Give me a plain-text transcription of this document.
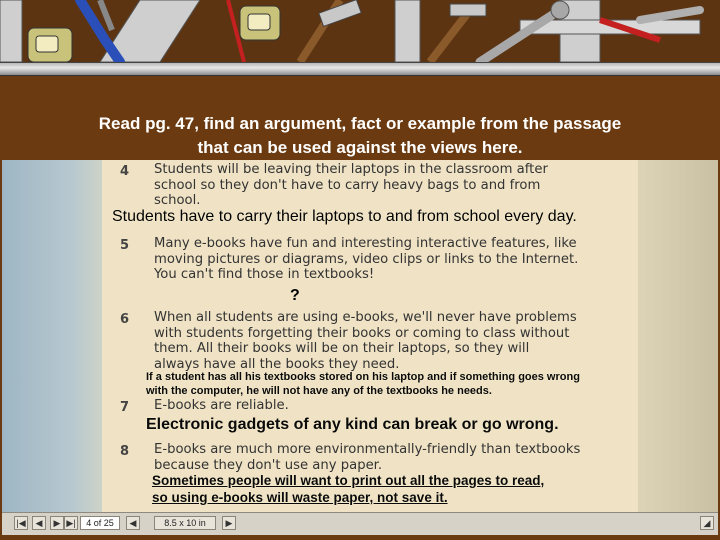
Read pg. 47, find an argument, fact or example from the passage
that can be used against the views here.
4 Students will be leaving their laptops in the classroom after
school so they don't have to carry heavy bags to and from
school.
5 Many e-books have fun and interesting interactive features, like
moving pictures or diagrams, video clips or links to the Internet.
You can't find those in textbooks!
6 When all students are using e-books, we'll never have problems
with students forgetting their books or coming to class without
them. All their books will be on their laptops, so they will
always have all the books they need.
7 E-books are reliable.
8 E-books are much more environmentally-friendly than textbooks
because they don't use any paper.
Students have to carry their laptops to and from school every day.
?
If a student has all his textbooks stored on his laptop and if something goes wrong
with the computer, he will not have any of the textbooks he needs.
Electronic gadgets of any kind can break or go wrong.
Sometimes people will want to print out all the pages to read,
so using e-books will waste paper, not save it.
|◀	◀	▶ ▶|	4 of 25	◀	8.5 x 10 in	▶	◢
